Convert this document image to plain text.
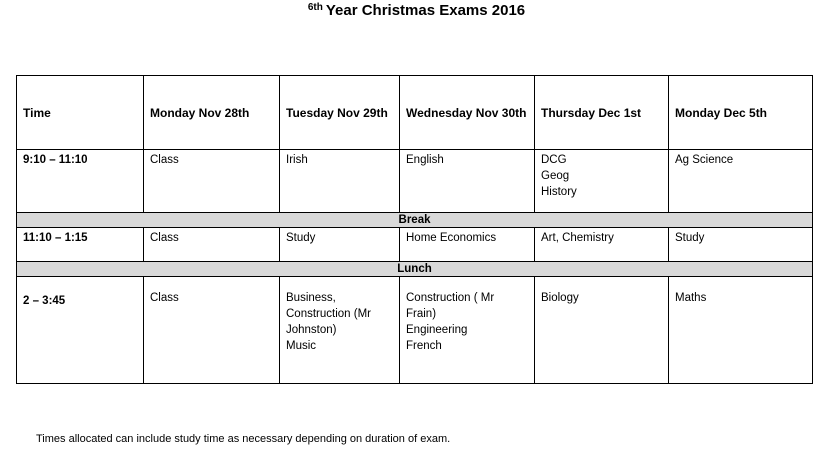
$^{6th}$ Year Christmas Exams 2016
Time	Monday Nov 28th	Tuesday Nov 29th	Wednesday Nov 30th	Thursday Dec 1st	Monday Dec 5th
9:10 – 11:10	Class	Irish	English	DCG
Geog
History	Ag Science

Break					
11:10 – 1:15	Class	Study	Home Economics	Art, Chemistry	Study

Lunch					
2 – 3:45	Class	Business,
Construction (Mr
Johnston)
Music	Construction ( Mr
Frain)
Engineering
French	Biology	Maths
Times allocated can include study time as necessary depending on duration of exam.
